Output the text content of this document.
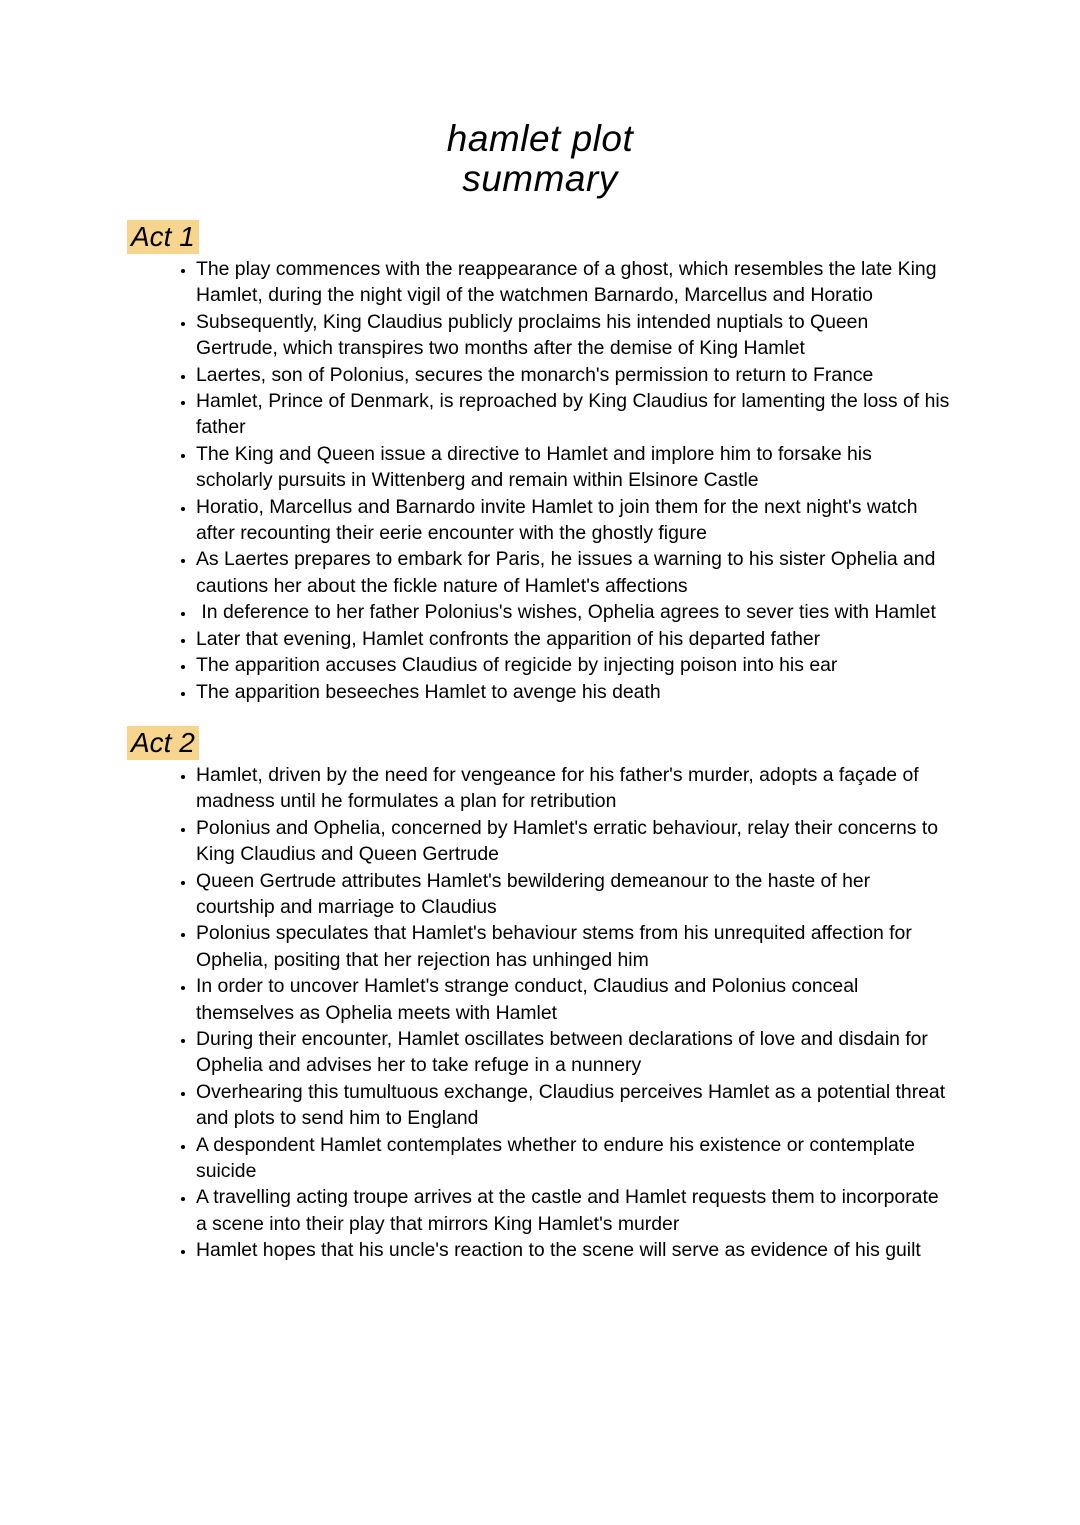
hamlet plot
summary
Act 1
• The play commences with the reappearance of a ghost, which resembles the late King Hamlet, during the night vigil of the watchmen Barnardo, Marcellus and Horatio
• Subsequently, King Claudius publicly proclaims his intended nuptials to Queen Gertrude, which transpires two months after the demise of King Hamlet
• Laertes, son of Polonius, secures the monarch's permission to return to France
• Hamlet, Prince of Denmark, is reproached by King Claudius for lamenting the loss of his father
• The King and Queen issue a directive to Hamlet and implore him to forsake his scholarly pursuits in Wittenberg and remain within Elsinore Castle
• Horatio, Marcellus and Barnardo invite Hamlet to join them for the next night's watch after recounting their eerie encounter with the ghostly figure
• As Laertes prepares to embark for Paris, he issues a warning to his sister Ophelia and cautions her about the fickle nature of Hamlet's affections
•  In deference to her father Polonius's wishes, Ophelia agrees to sever ties with Hamlet
• Later that evening, Hamlet confronts the apparition of his departed father
• The apparition accuses Claudius of regicide by injecting poison into his ear
• The apparition beseeches Hamlet to avenge his death
Act 2
• Hamlet, driven by the need for vengeance for his father's murder, adopts a façade of madness until he formulates a plan for retribution
• Polonius and Ophelia, concerned by Hamlet's erratic behaviour, relay their concerns to King Claudius and Queen Gertrude
• Queen Gertrude attributes Hamlet's bewildering demeanour to the haste of her courtship and marriage to Claudius
• Polonius speculates that Hamlet's behaviour stems from his unrequited affection for Ophelia, positing that her rejection has unhinged him
• In order to uncover Hamlet's strange conduct, Claudius and Polonius conceal themselves as Ophelia meets with Hamlet
• During their encounter, Hamlet oscillates between declarations of love and disdain for Ophelia and advises her to take refuge in a nunnery
• Overhearing this tumultuous exchange, Claudius perceives Hamlet as a potential threat and plots to send him to England
• A despondent Hamlet contemplates whether to endure his existence or contemplate suicide
• A travelling acting troupe arrives at the castle and Hamlet requests them to incorporate a scene into their play that mirrors King Hamlet's murder
• Hamlet hopes that his uncle's reaction to the scene will serve as evidence of his guilt
